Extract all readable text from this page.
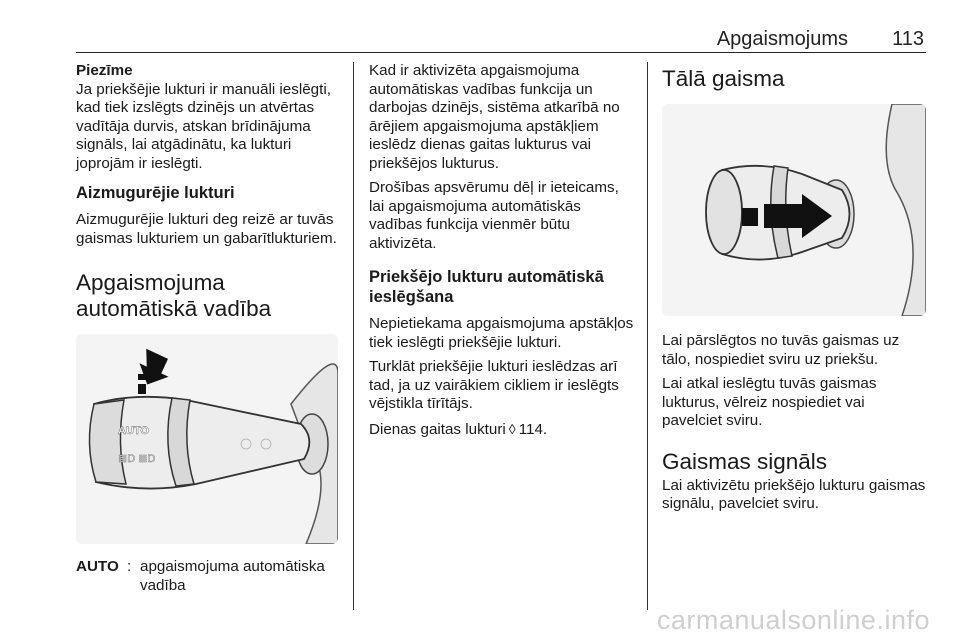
Apgaismojums 113

Piezīme

Ja priekšējie lukturi ir manuāli ieslēgti, kad tiek izslēgts dzinējs un atvērtas vadītāja durvis, atskan brīdinājuma signāls, lai atgādinātu, ka lukturi joprojām ir ieslēgti.

Aizmugurējie lukturi

Aizmugurējie lukturi deg reizē ar tuvās gaismas lukturiem un gabarītlukturiem.

Apgaismojuma automātiskā vadība
AUTO
≣D ≣D
AUTO : apgaismojuma automātiska vadība

Kad ir aktivizēta apgaismojuma automātiskas vadības funkcija un darbojas dzinējs, sistēma atkarībā no ārējiem apgaismojuma apstākļiem ieslēdz dienas gaitas lukturus vai priekšējos lukturus.

Drošības apsvērumu dēļ ir ieteicams, lai apgaismojuma automātiskās vadības funkcija vienmēr būtu aktivizēta.

Priekšējo lukturu automātiskā ieslēgšana

Nepietiekama apgaismojuma apstākļos tiek ieslēgti priekšējie lukturi.

Turklāt priekšējie lukturi ieslēdzas arī tad, ja uz vairākiem cikliem ir ieslēgts vējstikla tīrītājs.

Dienas gaitas lukturi ◊ 114.

Tālā gaisma

Lai pārslēgtos no tuvās gaismas uz tālo, nospiediet sviru uz priekšu.

Lai atkal ieslēgtu tuvās gaismas lukturus, vēlreiz nospiediet vai pavelciet sviru.

Gaismas signāls

Lai aktivizētu priekšējo lukturu gaismas signālu, pavelciet sviru.

carmanualsonline.info
